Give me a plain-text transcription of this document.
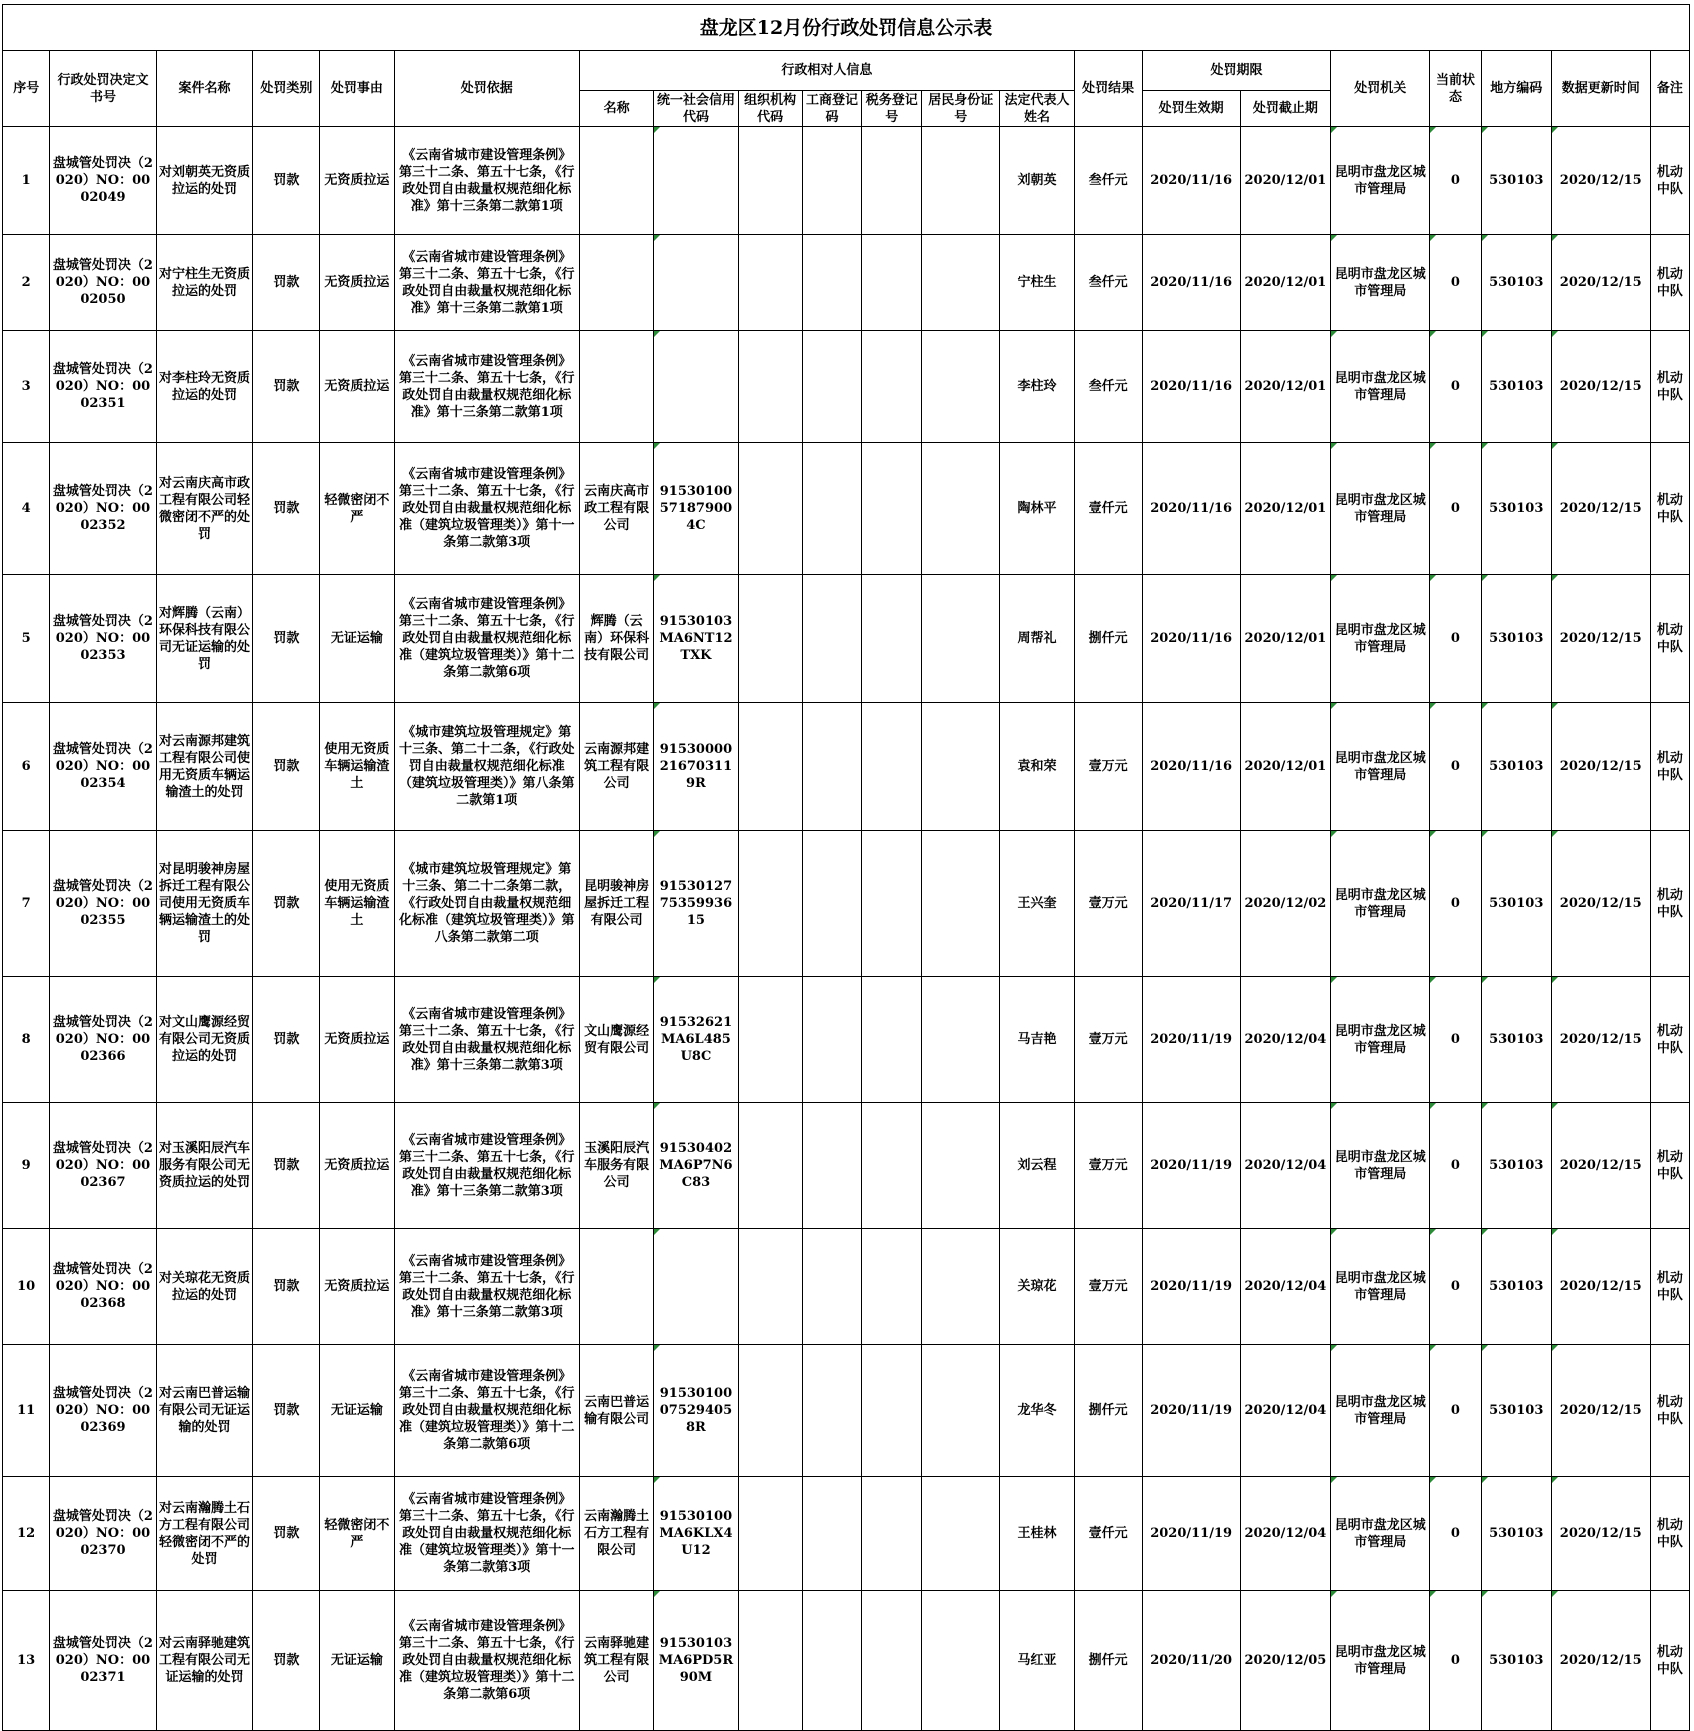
盘龙区12月份行政处罚信息公示表
序号	行政处罚决定文书号	案件名称	处罚类别	处罚事由	处罚依据	行政相对人信息							处罚结果	处罚期限		处罚机关	当前状态	地方编码	数据更新时间	备注
						名称	统一社会信用代码	组织机构代码	工商登记码	税务登记号	居民身份证号	法定代表人姓名		处罚生效期	处罚截止期					
1	盘城管处罚决（2020）NO：0002049	对刘朝英无资质拉运的处罚	罚款	无资质拉运	《云南省城市建设管理条例》第三十二条、第五十七条，《行政处罚自由裁量权规范细化标准》第十三条第二款第1项							刘朝英	叁仟元	2020/11/16	2020/12/01	昆明市盘龙区城市管理局	0	530103	2020/12/15	机动中队
2	盘城管处罚决（2020）NO：0002050	对宁柱生无资质拉运的处罚	罚款	无资质拉运	《云南省城市建设管理条例》第三十二条、第五十七条，《行政处罚自由裁量权规范细化标准》第十三条第二款第1项							宁柱生	叁仟元	2020/11/16	2020/12/01	昆明市盘龙区城市管理局	0	530103	2020/12/15	机动中队
3	盘城管处罚决（2020）NO：0002351	对李柱玲无资质拉运的处罚	罚款	无资质拉运	《云南省城市建设管理条例》第三十二条、第五十七条，《行政处罚自由裁量权规范细化标准》第十三条第二款第1项							李柱玲	叁仟元	2020/11/16	2020/12/01	昆明市盘龙区城市管理局	0	530103	2020/12/15	机动中队
4	盘城管处罚决（2020）NO：0002352	对云南庆高市政工程有限公司轻微密闭不严的处罚	罚款	轻微密闭不严	《云南省城市建设管理条例》第三十二条、第五十七条，《行政处罚自由裁量权规范细化标准（建筑垃圾管理类）》第十一条第二款第3项	云南庆高市政工程有限公司	91530100571879004C					陶林平	壹仟元	2020/11/16	2020/12/01	昆明市盘龙区城市管理局	0	530103	2020/12/15	机动中队
5	盘城管处罚决（2020）NO：0002353	对辉腾（云南）环保科技有限公司无证运输的处罚	罚款	无证运输	《云南省城市建设管理条例》第三十二条、第五十七条，《行政处罚自由裁量权规范细化标准（建筑垃圾管理类）》第十二条第二款第6项	辉腾（云南）环保科技有限公司	91530103MA6NT12TXK					周帮礼	捌仟元	2020/11/16	2020/12/01	昆明市盘龙区城市管理局	0	530103	2020/12/15	机动中队
6	盘城管处罚决（2020）NO：0002354	对云南源邦建筑工程有限公司使用无资质车辆运输渣土的处罚	罚款	使用无资质车辆运输渣土	《城市建筑垃圾管理规定》第十三条、第二十二条，《行政处罚自由裁量权规范细化标准（建筑垃圾管理类）》第八条第二款第1项	云南源邦建筑工程有限公司	91530000216703119R					袁和荣	壹万元	2020/11/16	2020/12/01	昆明市盘龙区城市管理局	0	530103	2020/12/15	机动中队
7	盘城管处罚决（2020）NO：0002355	对昆明骏神房屋拆迁工程有限公司使用无资质车辆运输渣土的处罚	罚款	使用无资质车辆运输渣土	《城市建筑垃圾管理规定》第十三条、第二十二条第二款，《行政处罚自由裁量权规范细化标准（建筑垃圾管理类）》第八条第二款第二项	昆明骏神房屋拆迁工程有限公司	915301277535993615					王兴奎	壹万元	2020/11/17	2020/12/02	昆明市盘龙区城市管理局	0	530103	2020/12/15	机动中队
8	盘城管处罚决（2020）NO：0002366	对文山鹰源经贸有限公司无资质拉运的处罚	罚款	无资质拉运	《云南省城市建设管理条例》第三十二条、第五十七条，《行政处罚自由裁量权规范细化标准》第十三条第二款第3项	文山鹰源经贸有限公司	91532621MA6L485U8C					马吉艳	壹万元	2020/11/19	2020/12/04	昆明市盘龙区城市管理局	0	530103	2020/12/15	机动中队
9	盘城管处罚决（2020）NO：0002367	对玉溪阳辰汽车服务有限公司无资质拉运的处罚	罚款	无资质拉运	《云南省城市建设管理条例》第三十二条、第五十七条，《行政处罚自由裁量权规范细化标准》第十三条第二款第3项	玉溪阳辰汽车服务有限公司	91530402MA6P7N6C83					刘云程	壹万元	2020/11/19	2020/12/04	昆明市盘龙区城市管理局	0	530103	2020/12/15	机动中队
10	盘城管处罚决（2020）NO：0002368	对关琼花无资质拉运的处罚	罚款	无资质拉运	《云南省城市建设管理条例》第三十二条、第五十七条，《行政处罚自由裁量权规范细化标准》第十三条第二款第3项							关琼花	壹万元	2020/11/19	2020/12/04	昆明市盘龙区城市管理局	0	530103	2020/12/15	机动中队
11	盘城管处罚决（2020）NO：0002369	对云南巴普运输有限公司无证运输的处罚	罚款	无证运输	《云南省城市建设管理条例》第三十二条、第五十七条，《行政处罚自由裁量权规范细化标准（建筑垃圾管理类）》第十二条第二款第6项	云南巴普运输有限公司	91530100075294058R					龙华冬	捌仟元	2020/11/19	2020/12/04	昆明市盘龙区城市管理局	0	530103	2020/12/15	机动中队
12	盘城管处罚决（2020）NO：0002370	对云南瀚腾土石方工程有限公司轻微密闭不严的处罚	罚款	轻微密闭不严	《云南省城市建设管理条例》第三十二条、第五十七条，《行政处罚自由裁量权规范细化标准（建筑垃圾管理类）》第十一条第二款第3项	云南瀚腾土石方工程有限公司	91530100MA6KLX4U12					王桂林	壹仟元	2020/11/19	2020/12/04	昆明市盘龙区城市管理局	0	530103	2020/12/15	机动中队
13	盘城管处罚决（2020）NO：0002371	对云南驿驰建筑工程有限公司无证运输的处罚	罚款	无证运输	《云南省城市建设管理条例》第三十二条、第五十七条，《行政处罚自由裁量权规范细化标准（建筑垃圾管理类）》第十二条第二款第6项	云南驿驰建筑工程有限公司	91530103MA6PD5R90M					马红亚	捌仟元	2020/11/20	2020/12/05	昆明市盘龙区城市管理局	0	530103	2020/12/15	机动中队
